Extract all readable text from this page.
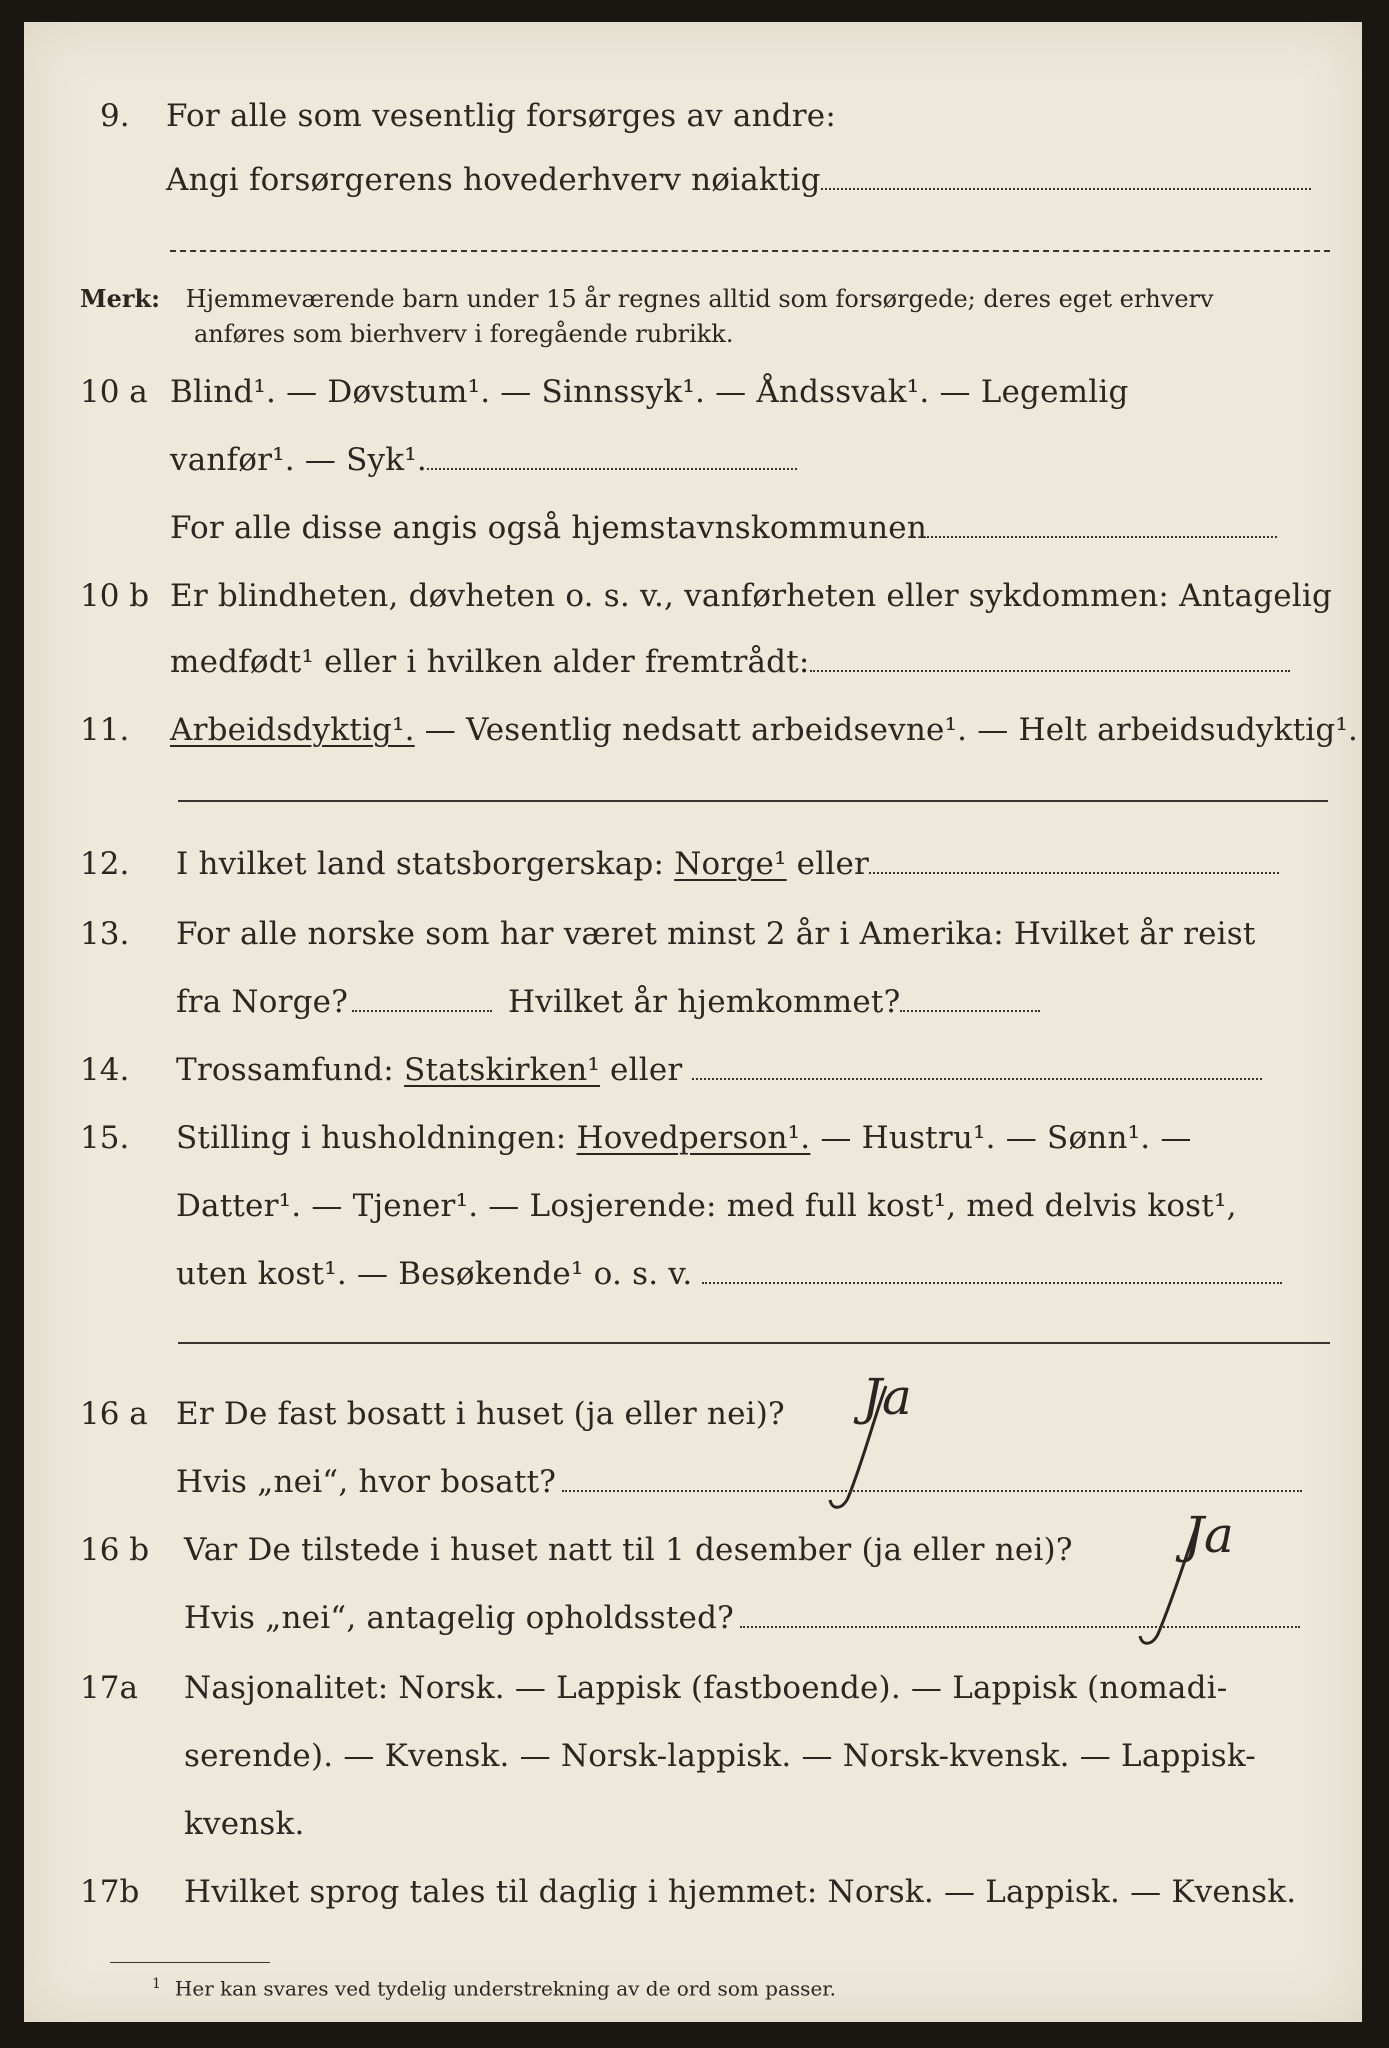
9. For alle som vesentlig forsørges av andre:
Angi forsørgerens hovederhverv nøiaktig
Merk: Hjemmeværende barn under 15 år regnes alltid som forsørgede; deres eget erhverv
anføres som bierhverv i foregående rubrikk.
10 a Blind¹. — Døvstum¹. — Sinnssyk¹. — Åndssvak¹. — Legemlig
vanfør¹. — Syk¹.
For alle disse angis også hjemstavnskommunen
10 b Er blindheten, døvheten o. s. v., vanførheten eller sykdommen: Antagelig
medfødt¹ eller i hvilken alder fremtrådt:
11. Arbeidsdyktig¹. — Vesentlig nedsatt arbeidsevne¹. — Helt arbeidsudyktig¹.
12. I hvilket land statsborgerskap: Norge¹ eller
13. For alle norske som har været minst 2 år i Amerika: Hvilket år reist
fra Norge?	Hvilket år hjemkommet?
14. Trossamfund: Statskirken¹ eller
15. Stilling i husholdningen: Hovedperson¹. — Hustru¹. — Sønn¹. —
Datter¹. — Tjener¹. — Losjerende: med full kost¹, med delvis kost¹,
uten kost¹. — Besøkende¹ o. s. v.
16 a Er De fast bosatt i huset (ja eller nei)? Ja
Hvis „nei“, hvor bosatt?
16 b Var De tilstede i huset natt til 1 desember (ja eller nei)? Ja
Hvis „nei“, antagelig opholdssted?
17a Nasjonalitet: Norsk. — Lappisk (fastboende). — Lappisk (nomadi-
serende). — Kvensk. — Norsk-lappisk. — Norsk-kvensk. — Lappisk-
kvensk.
17b Hvilket sprog tales til daglig i hjemmet: Norsk. — Lappisk. — Kvensk.
$^1$ Her kan svares ved tydelig understrekning av de ord som passer.
